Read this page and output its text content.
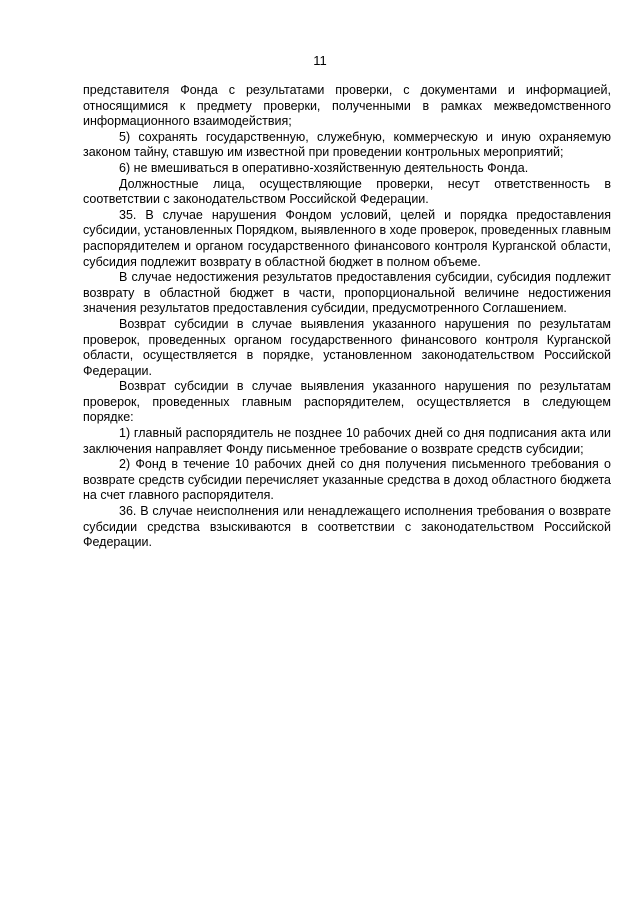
11

представителя Фонда с результатами проверки, с документами и информацией, относящимися к предмету проверки, полученными в рамках межведомственного информационного взаимодействия;

5) сохранять государственную, служебную, коммерческую и иную охраняемую законом тайну, ставшую им известной при проведении контрольных мероприятий;

6) не вмешиваться в оперативно-хозяйственную деятельность Фонда.

Должностные лица, осуществляющие проверки, несут ответственность в соответствии с законодательством Российской Федерации.

35. В случае нарушения Фондом условий, целей и порядка предоставления субсидии, установленных Порядком, выявленного в ходе проверок, проведенных главным распорядителем и органом государственного финансового контроля Курганской области, субсидия подлежит возврату в областной бюджет в полном объеме.

В случае недостижения результатов предоставления субсидии, субсидия подлежит возврату в областной бюджет в части, пропорциональной величине недостижения значения результатов предоставления субсидии, предусмотренного Соглашением.

Возврат субсидии в случае выявления указанного нарушения по результатам проверок, проведенных органом государственного финансового контроля Курганской области, осуществляется в порядке, установленном законодательством Российской Федерации.

Возврат субсидии в случае выявления указанного нарушения по результатам проверок, проведенных главным распорядителем, осуществляется в следующем порядке:

1) главный распорядитель не позднее 10 рабочих дней со дня подписания акта или заключения направляет Фонду письменное требование о возврате средств субсидии;

2) Фонд в течение 10 рабочих дней со дня получения письменного требования о возврате средств субсидии перечисляет указанные средства в доход областного бюджета на счет главного распорядителя.

36. В случае неисполнения или ненадлежащего исполнения требования о возврате субсидии средства взыскиваются в соответствии с законодательством Российской Федерации.
